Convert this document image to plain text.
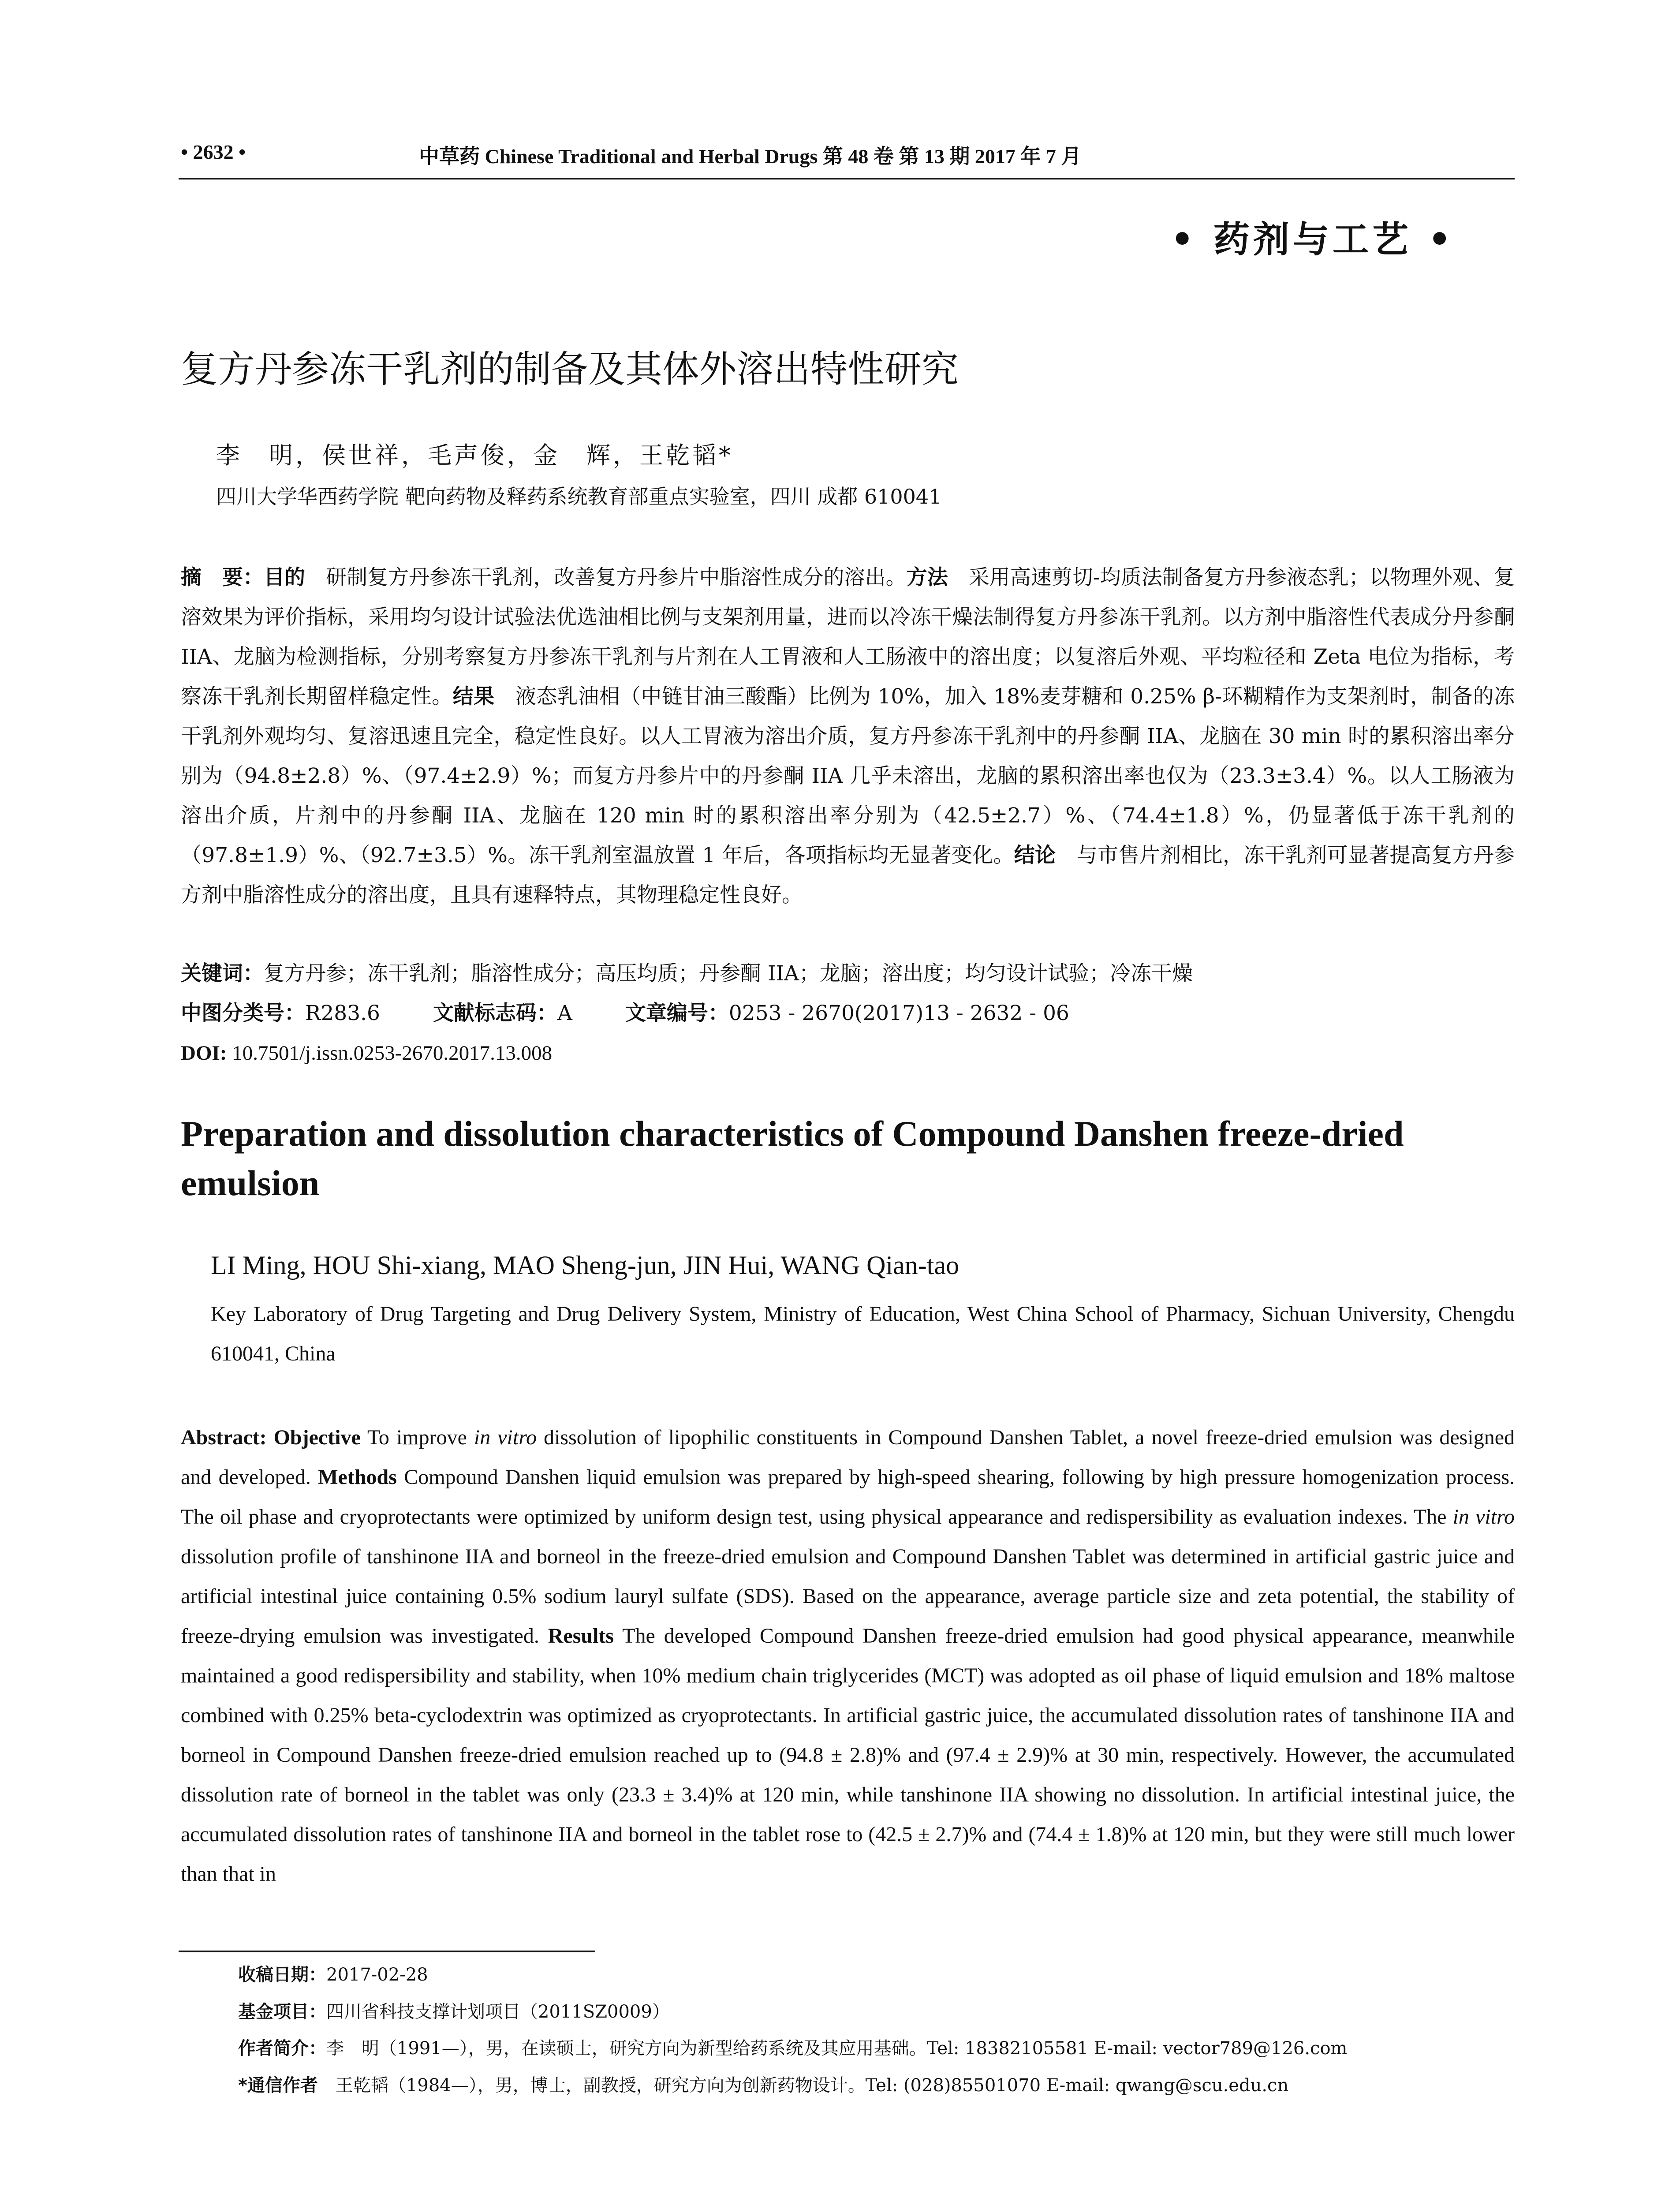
• 2632 •	中草药 Chinese Traditional and Herbal Drugs 第 48 卷 第 13 期 2017 年 7 月
• 药剂与工艺 •
复方丹参冻干乳剂的制备及其体外溶出特性研究
李　明，侯世祥，毛声俊，金　辉，王乾韬*
四川大学华西药学院 靶向药物及释药系统教育部重点实验室，四川 成都 610041
摘　要：目的　研制复方丹参冻干乳剂，改善复方丹参片中脂溶性成分的溶出。方法　采用高速剪切-均质法制备复方丹参液态乳；以物理外观、复溶效果为评价指标，采用均匀设计试验法优选油相比例与支架剂用量，进而以冷冻干燥法制得复方丹参冻干乳剂。以方剂中脂溶性代表成分丹参酮 IIA、龙脑为检测指标，分别考察复方丹参冻干乳剂与片剂在人工胃液和人工肠液中的溶出度；以复溶后外观、平均粒径和 Zeta 电位为指标，考察冻干乳剂长期留样稳定性。结果　液态乳油相（中链甘油三酸酯）比例为 10%，加入 18%麦芽糖和 0.25% β-环糊精作为支架剂时，制备的冻干乳剂外观均匀、复溶迅速且完全，稳定性良好。以人工胃液为溶出介质，复方丹参冻干乳剂中的丹参酮 IIA、龙脑在 30 min 时的累积溶出率分别为（94.8±2.8）%、（97.4±2.9）%；而复方丹参片中的丹参酮 IIA 几乎未溶出，龙脑的累积溶出率也仅为（23.3±3.4）%。以人工肠液为溶出介质，片剂中的丹参酮 IIA、龙脑在 120 min 时的累积溶出率分别为（42.5±2.7）%、（74.4±1.8）%，仍显著低于冻干乳剂的（97.8±1.9）%、（92.7±3.5）%。冻干乳剂室温放置 1 年后，各项指标均无显著变化。结论　与市售片剂相比，冻干乳剂可显著提高复方丹参方剂中脂溶性成分的溶出度，且具有速释特点，其物理稳定性良好。
关键词：复方丹参；冻干乳剂；脂溶性成分；高压均质；丹参酮 IIA；龙脑；溶出度；均匀设计试验；冷冻干燥
中图分类号：R283.6	文献标志码：A	文章编号：0253 - 2670(2017)13 - 2632 - 06
DOI: 10.7501/j.issn.0253-2670.2017.13.008
Preparation and dissolution characteristics of Compound Danshen freeze-dried emulsion
LI Ming, HOU Shi-xiang, MAO Sheng-jun, JIN Hui, WANG Qian-tao
Key Laboratory of Drug Targeting and Drug Delivery System, Ministry of Education, West China School of Pharmacy, Sichuan University, Chengdu 610041, China
Abstract: Objective To improve in vitro dissolution of lipophilic constituents in Compound Danshen Tablet, a novel freeze-dried emulsion was designed and developed. Methods Compound Danshen liquid emulsion was prepared by high-speed shearing, following by high pressure homogenization process. The oil phase and cryoprotectants were optimized by uniform design test, using physical appearance and redispersibility as evaluation indexes. The in vitro dissolution profile of tanshinone IIA and borneol in the freeze-dried emulsion and Compound Danshen Tablet was determined in artificial gastric juice and artificial intestinal juice containing 0.5% sodium lauryl sulfate (SDS). Based on the appearance, average particle size and zeta potential, the stability of freeze-drying emulsion was investigated. Results The developed Compound Danshen freeze-dried emulsion had good physical appearance, meanwhile maintained a good redispersibility and stability, when 10% medium chain triglycerides (MCT) was adopted as oil phase of liquid emulsion and 18% maltose combined with 0.25% beta-cyclodextrin was optimized as cryoprotectants. In artificial gastric juice, the accumulated dissolution rates of tanshinone IIA and borneol in Compound Danshen freeze-dried emulsion reached up to (94.8 ± 2.8)% and (97.4 ± 2.9)% at 30 min, respectively. However, the accumulated dissolution rate of borneol in the tablet was only (23.3 ± 3.4)% at 120 min, while tanshinone IIA showing no dissolution. In artificial intestinal juice, the accumulated dissolution rates of tanshinone IIA and borneol in the tablet rose to (42.5 ± 2.7)% and (74.4 ± 1.8)% at 120 min, but they were still much lower than that in
收稿日期：2017-02-28
基金项目：四川省科技支撑计划项目（2011SZ0009）
作者简介：李　明（1991—），男，在读硕士，研究方向为新型给药系统及其应用基础。Tel: 18382105581 E-mail: vector789@126.com
*通信作者　王乾韬（1984—），男，博士，副教授，研究方向为创新药物设计。Tel: (028)85501070 E-mail: qwang@scu.edu.cn
